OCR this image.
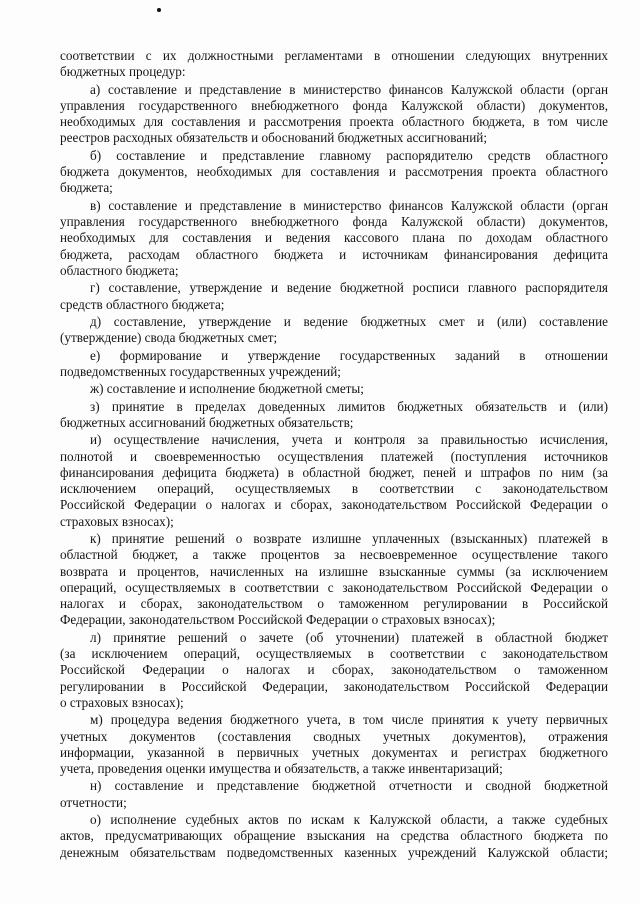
соответствии с их должностными регламентами в отношении следующих внутренних
бюджетных процедур:
а) составление и представление в министерство финансов Калужской области (орган
управления государственного внебюджетного фонда Калужской области) документов,
необходимых для составления и рассмотрения проекта областного бюджета, в том числе
реестров расходных обязательств и обоснований бюджетных ассигнований;
б) составление и представление главному распорядителю средств областного
бюджета документов, необходимых для составления и рассмотрения проекта областного
бюджета;
в) составление и представление в министерство финансов Калужской области (орган
управления государственного внебюджетного фонда Калужской области) документов,
необходимых для составления и ведения кассового плана по доходам областного
бюджета, расходам областного бюджета и источникам финансирования дефицита
областного бюджета;
г) составление, утверждение и ведение бюджетной росписи главного распорядителя
средств областного бюджета;
д) составление, утверждение и ведение бюджетных смет и (или) составление
(утверждение) свода бюджетных смет;
е) формирование и утверждение государственных заданий в отношении
подведомственных государственных учреждений;
ж) составление и исполнение бюджетной сметы;
з) принятие в пределах доведенных лимитов бюджетных обязательств и (или)
бюджетных ассигнований бюджетных обязательств;
и) осуществление начисления, учета и контроля за правильностью исчисления,
полнотой и своевременностью осуществления платежей (поступления источников
финансирования дефицита бюджета) в областной бюджет, пеней и штрафов по ним (за
исключением операций, осуществляемых в соответствии с законодательством
Российской Федерации о налогах и сборах, законодательством Российской Федерации о
страховых взносах);
к) принятие решений о возврате излишне уплаченных (взысканных) платежей в
областной бюджет, а также процентов за несвоевременное осуществление такого
возврата и процентов, начисленных на излишне взысканные суммы (за исключением
операций, осуществляемых в соответствии с законодательством Российской Федерации о
налогах и сборах, законодательством о таможенном регулировании в Российской
Федерации, законодательством Российской Федерации о страховых взносах);
л) принятие решений о зачете (об уточнении) платежей в областной бюджет
(за исключением операций, осуществляемых в соответствии с законодательством
Российской Федерации о налогах и сборах, законодательством о таможенном
регулировании в Российской Федерации, законодательством Российской Федерации
о страховых взносах);
м) процедура ведения бюджетного учета, в том числе принятия к учету первичных
учетных документов (составления сводных учетных документов), отражения
информации, указанной в первичных учетных документах и регистрах бюджетного
учета, проведения оценки имущества и обязательств, а также инвентаризаций;
н) составление и представление бюджетной отчетности и сводной бюджетной
отчетности;
о) исполнение судебных актов по искам к Калужской области, а также судебных
актов, предусматривающих обращение взыскания на средства областного бюджета по
денежным обязательствам подведомственных казенных учреждений Калужской области;
